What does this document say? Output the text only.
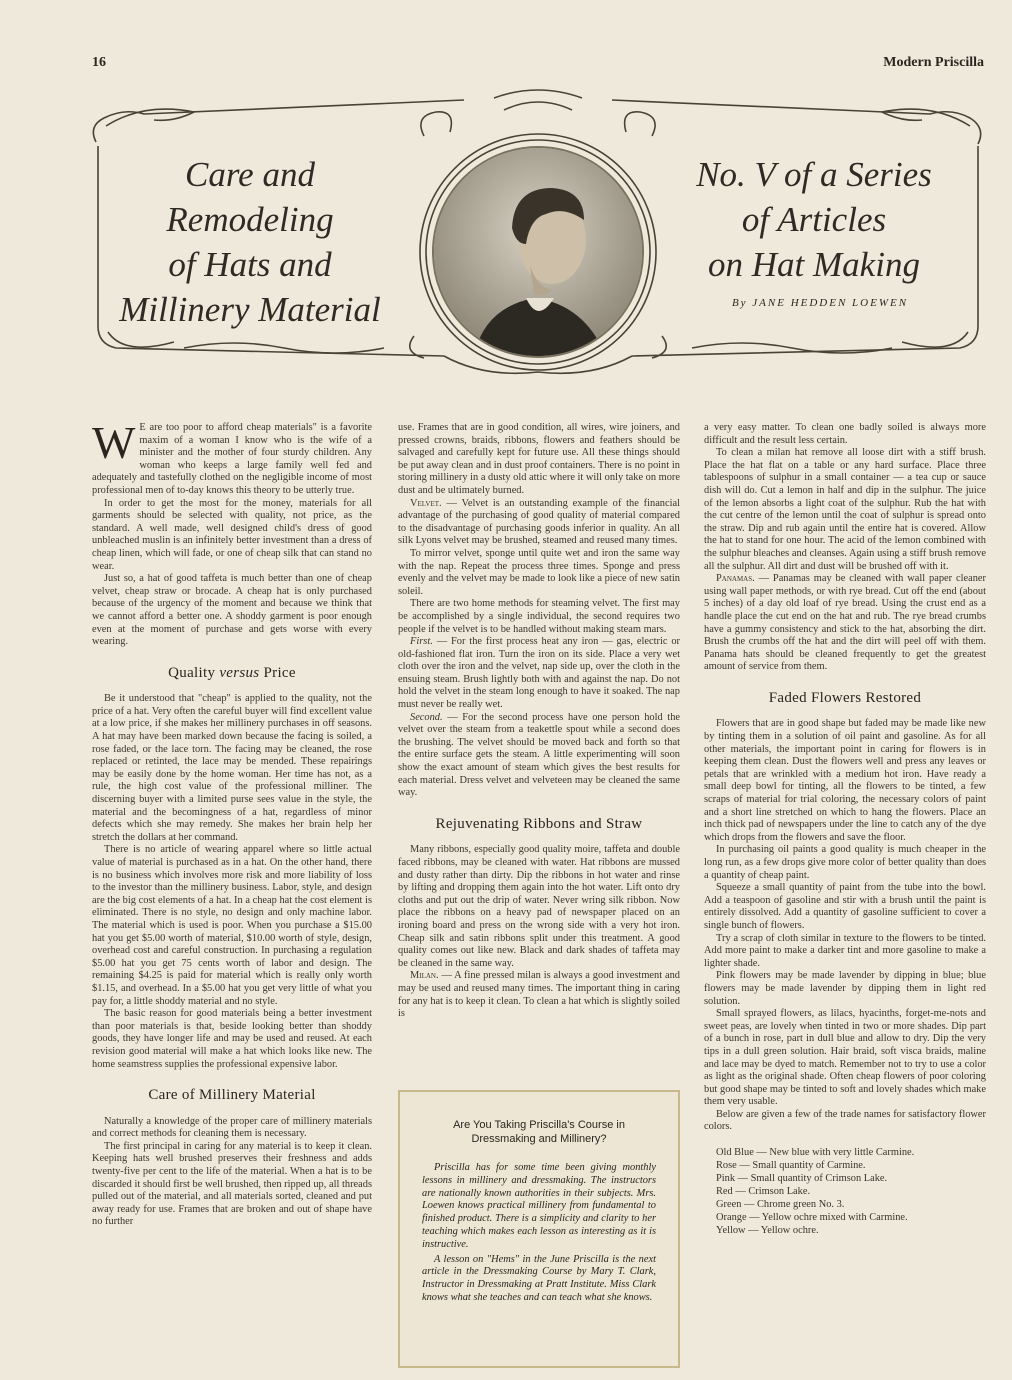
16	Modern Priscilla
Care and Remodeling
of Hats and
Millinery Material
No. V of a Series
of Articles
on Hat Making
By JANE HEDDEN LOEWEN

W E are too poor to afford cheap materials" is a favorite maxim of a woman I know who is the wife of a minister and the mother of four sturdy children. Any woman who keeps a large family well fed and adequately and tastefully clothed on the negligible income of most professional men of to-day knows this theory to be utterly true.

In order to get the most for the money, materials for all garments should be selected with quality, not price, as the standard. A well made, well designed child's dress of good unbleached muslin is an infinitely better investment than a dress of cheap linen, which will fade, or one of cheap silk that can stand no wear.

Just so, a hat of good taffeta is much better than one of cheap velvet, cheap straw or brocade. A cheap hat is only purchased because of the urgency of the moment and because we think that we cannot afford a better one. A shoddy garment is poor enough even at the moment of purchase and gets worse with every wearing.

Quality versus Price

Be it understood that "cheap" is applied to the quality, not the price of a hat. Very often the careful buyer will find excellent value at a low price, if she makes her millinery purchases in off seasons. A hat may have been marked down because the facing is soiled, a rose faded, or the lace torn. The facing may be cleaned, the rose replaced or retinted, the lace may be mended. These repairings may be easily done by the home woman. Her time has not, as a rule, the high cost value of the professional milliner. The discerning buyer with a limited purse sees value in the style, the material and the becomingness of a hat, regardless of minor defects which she may remedy. She makes her brain help her stretch the dollars at her command.

There is no article of wearing apparel where so little actual value of material is purchased as in a hat. On the other hand, there is no business which involves more risk and more liability of loss to the investor than the millinery business. Labor, style, and design are the big cost elements of a hat. In a cheap hat the cost element is eliminated. There is no style, no design and only machine labor. The material which is used is poor. When you purchase a $15.00 hat you get $5.00 worth of material, $10.00 worth of style, design, overhead cost and careful construction. In purchasing a regulation $5.00 hat you get 75 cents worth of labor and design. The remaining $4.25 is paid for material which is really only worth $1.15, and overhead. In a $5.00 hat you get very little of what you pay for, a little shoddy material and no style.

The basic reason for good materials being a better investment than poor materials is that, beside looking better than shoddy goods, they have longer life and may be used and reused. At each revision good material will make a hat which looks like new. The home seamstress supplies the professional expensive labor.

Care of Millinery Material

Naturally a knowledge of the proper care of millinery materials and correct methods for cleaning them is necessary.

The first principal in caring for any material is to keep it clean. Keeping hats well brushed preserves their freshness and adds twenty-five per cent to the life of the material. When a hat is to be discarded it should first be well brushed, then ripped up, all threads pulled out of the material, and all materials sorted, cleaned and put away ready for use. Frames that are broken and out of shape have no further

use. Frames that are in good condition, all wires, wire joiners, and pressed crowns, braids, ribbons, flowers and feathers should be salvaged and carefully kept for future use. All these things should be put away clean and in dust proof containers. There is no point in storing millinery in a dusty old attic where it will only take on more dust and be ultimately burned.

Velvet. — Velvet is an outstanding example of the financial advantage of the purchasing of good quality of material compared to the disadvantage of purchasing goods inferior in quality. An all silk Lyons velvet may be brushed, steamed and reused many times.

To mirror velvet, sponge until quite wet and iron the same way with the nap. Repeat the process three times. Sponge and press evenly and the velvet may be made to look like a piece of new satin soleil.

There are two home methods for steaming velvet. The first may be accomplished by a single individual, the second requires two people if the velvet is to be handled without making steam mars.

First. — For the first process heat any iron — gas, electric or old-fashioned flat iron. Turn the iron on its side. Place a very wet cloth over the iron and the velvet, nap side up, over the cloth in the ensuing steam. Brush lightly both with and against the nap. Do not hold the velvet in the steam long enough to have it soaked. The nap must never be really wet.

Second. — For the second process have one person hold the velvet over the steam from a teakettle spout while a second does the brushing. The velvet should be moved back and forth so that the entire surface gets the steam. A little experimenting will soon show the exact amount of steam which gives the best results for each material. Dress velvet and velveteen may be cleaned the same way.

Rejuvenating Ribbons and Straw

Many ribbons, especially good quality moire, taffeta and double faced ribbons, may be cleaned with water. Hat ribbons are mussed and dusty rather than dirty. Dip the ribbons in hot water and rinse by lifting and dropping them again into the hot water. Lift onto dry cloths and put out the drip of water. Never wring silk ribbon. Now place the ribbons on a heavy pad of newspaper placed on an ironing board and press on the wrong side with a very hot iron. Cheap silk and satin ribbons split under this treatment. A good quality comes out like new. Black and dark shades of taffeta may be cleaned in the same way.

Milan. — A fine pressed milan is always a good investment and may be used and reused many times. The important thing in caring for any hat is to keep it clean. To clean a hat which is slightly soiled is

Are You Taking Priscilla's Course in Dressmaking and Millinery?

Priscilla has for some time been giving monthly lessons in millinery and dressmaking. The instructors are nationally known authorities in their subjects. Mrs. Loewen knows practical millinery from fundamental to finished product. There is a simplicity and clarity to her teaching which makes each lesson as interesting as it is instructive.

A lesson on "Hems" in the June Priscilla is the next article in the Dressmaking Course by Mary T. Clark, Instructor in Dressmaking at Pratt Institute. Miss Clark knows what she teaches and can teach what she knows.

a very easy matter. To clean one badly soiled is always more difficult and the result less certain.

To clean a milan hat remove all loose dirt with a stiff brush. Place the hat flat on a table or any hard surface. Place three tablespoons of sulphur in a small container — a tea cup or sauce dish will do. Cut a lemon in half and dip in the sulphur. The juice of the lemon absorbs a light coat of the sulphur. Rub the hat with the cut centre of the lemon until the coat of sulphur is spread onto the straw. Dip and rub again until the entire hat is covered. Allow the hat to stand for one hour. The acid of the lemon combined with the sulphur bleaches and cleanses. Again using a stiff brush remove all the sulphur. All dirt and dust will be brushed off with it.

Panamas. — Panamas may be cleaned with wall paper cleaner using wall paper methods, or with rye bread. Cut off the end (about 5 inches) of a day old loaf of rye bread. Using the crust end as a handle place the cut end on the hat and rub. The rye bread crumbs have a gummy consistency and stick to the hat, absorbing the dirt. Brush the crumbs off the hat and the dirt will peel off with them. Panama hats should be cleaned frequently to get the greatest amount of service from them.

Faded Flowers Restored

Flowers that are in good shape but faded may be made like new by tinting them in a solution of oil paint and gasoline. As for all other materials, the important point in caring for flowers is in keeping them clean. Dust the flowers well and press any leaves or petals that are wrinkled with a medium hot iron. Have ready a small deep bowl for tinting, all the flowers to be tinted, a few scraps of material for trial coloring, the necessary colors of paint and a short line stretched on which to hang the flowers. Place an inch thick pad of newspapers under the line to catch any of the dye which drops from the flowers and save the floor.

In purchasing oil paints a good quality is much cheaper in the long run, as a few drops give more color of better quality than does a quantity of cheap paint.

Squeeze a small quantity of paint from the tube into the bowl. Add a teaspoon of gasoline and stir with a brush until the paint is entirely dissolved. Add a quantity of gasoline sufficient to cover a single bunch of flowers.

Try a scrap of cloth similar in texture to the flowers to be tinted. Add more paint to make a darker tint and more gasoline to make a lighter shade.

Pink flowers may be made lavender by dipping in blue; blue flowers may be made lavender by dipping them in light red solution.

Small sprayed flowers, as lilacs, hyacinths, forget-me-nots and sweet peas, are lovely when tinted in two or more shades. Dip part of a bunch in rose, part in dull blue and allow to dry. Dip the very tips in a dull green solution. Hair braid, soft visca braids, maline and lace may be dyed to match. Remember not to try to use a color as light as the original shade. Often cheap flowers of poor coloring but good shape may be tinted to soft and lovely shades which make them very usable.

Below are given a few of the trade names for satisfactory flower colors.

Old Blue — New blue with very little Carmine.
Rose — Small quantity of Carmine.
Pink — Small quantity of Crimson Lake.
Red — Crimson Lake.
Green — Chrome green No. 3.
Orange — Yellow ochre mixed with Carmine.
Yellow — Yellow ochre.
